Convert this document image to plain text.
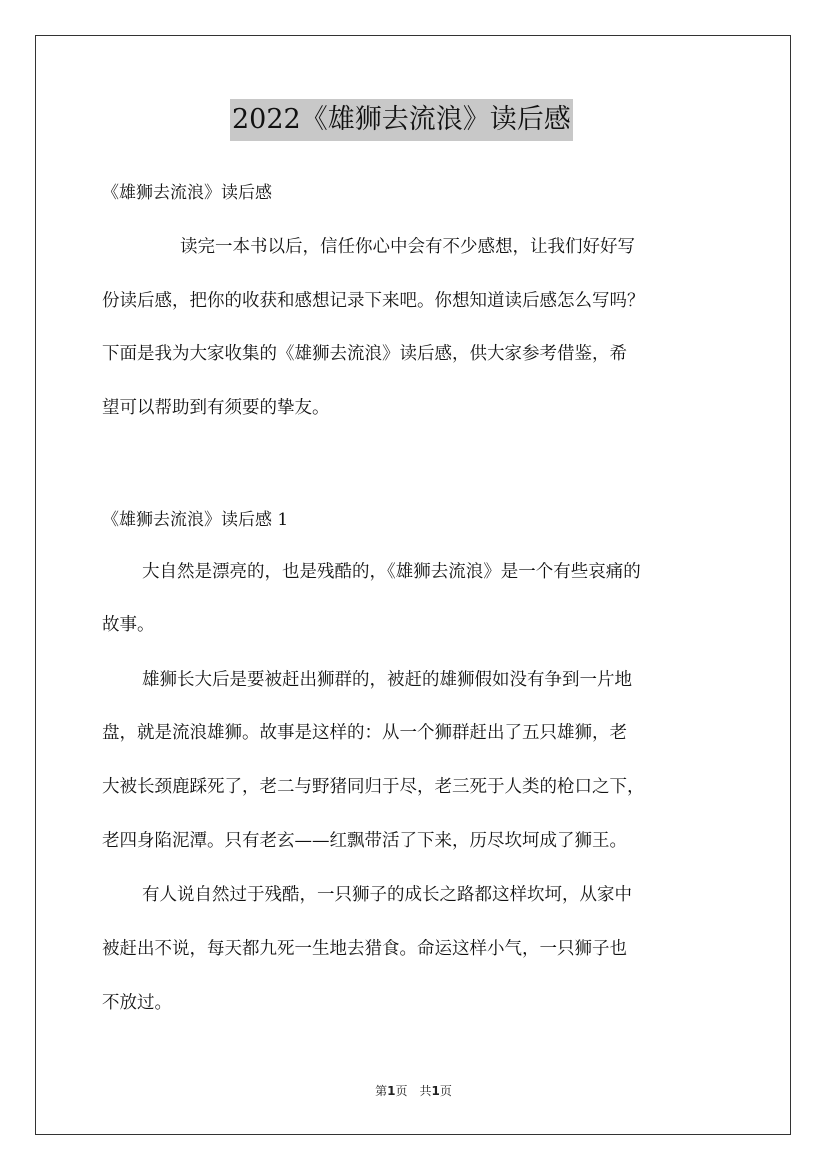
2022《雄狮去流浪》读后感
《雄狮去流浪》读后感
读完一本书以后，信任你心中会有不少感想，让我们好好写
份读后感，把你的收获和感想记录下来吧。你想知道读后感怎么写吗？
下面是我为大家收集的《雄狮去流浪》读后感，供大家参考借鉴，希
望可以帮助到有须要的挚友。
《雄狮去流浪》读后感 1
大自然是漂亮的，也是残酷的，《雄狮去流浪》是一个有些哀痛的
故事。
雄狮长大后是要被赶出狮群的，被赶的雄狮假如没有争到一片地
盘，就是流浪雄狮。故事是这样的：从一个狮群赶出了五只雄狮，老
大被长颈鹿踩死了，老二与野猪同归于尽，老三死于人类的枪口之下，
老四身陷泥潭。只有老玄——红飘带活了下来，历尽坎坷成了狮王。
有人说自然过于残酷，一只狮子的成长之路都这样坎坷，从家中
被赶出不说，每天都九死一生地去猎食。命运这样小气，一只狮子也
不放过。
第1页　共1页
